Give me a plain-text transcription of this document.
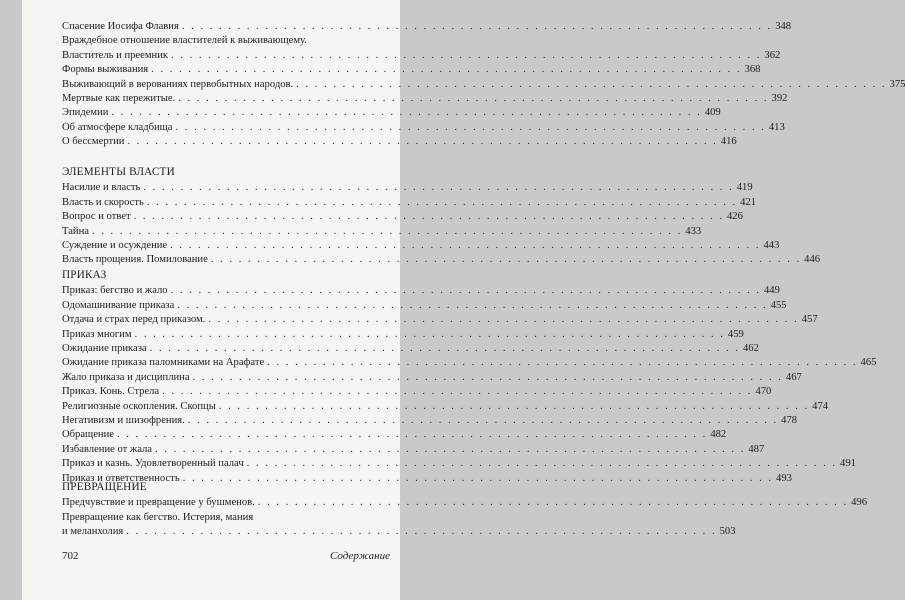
Спасение Иосифа Флавия . . .	348
Враждебное отношение властителей к выживающему.
Властитель и преемник . . .	362
Формы выживания . . .	368
Выживающий в верованиях первобытных народов. . . .	375
Мертвые как пережитые. . . .	392
Эпидемии . . .	409
Об атмосфере кладбища . . .	413
О бессмертии . . .	416
ЭЛЕМЕНТЫ ВЛАСТИ
Насилие и власть . . .	419
Власть и скорость . . .	421
Вопрос и ответ . . .	426
Тайна . . .	433
Суждение и осуждение . . .	443
Власть прощения. Помилование . . .	446
ПРИКАЗ
Приказ: бегство и жало . . .	449
Одомашнивание приказа . . .	455
Отдача и страх перед приказом. . . .	457
Приказ многим . . .	459
Ожидание приказа . . .	462
Ожидание приказа паломниками на Арафате . . .	465
Жало приказа и дисциплина . . .	467
Приказ. Конь. Стрела . . .	470
Религиозные оскопления. Скопцы . . .	474
Негативизм и шизофрения. . . .	478
Обращение . . .	482
Избавление от жала . . .	487
Приказ и казнь. Удовлетворенный палач . . .	491
Приказ и ответственность . . .	493
ПРЕВРАЩЕНИЕ
Предчувствие и превращение у бушменов. . . .	496
Превращение как бегство. Истерия, мания
и меланхолия . . .	503
702	Содержание
